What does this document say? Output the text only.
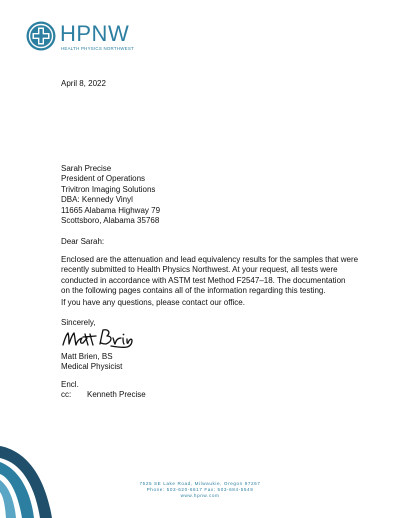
HPNW
HEALTH PHYSICS NORTHWEST

April 8, 2022

Sarah Precise

President of Operations

Trivitron Imaging Solutions

DBA: Kennedy Vinyl

11665 Alabama Highway 79

Scottsboro, Alabama 35768

Dear Sarah:

Enclosed are the attenuation and lead equivalency results for the samples that were

recently submitted to Health Physics Northwest. At your request, all tests were

conducted in accordance with ASTM test Method F2547–18. The documentation

on the following pages contains all of the information regarding this testing.

If you have any questions, please contact our office.

Sincerely,

Matt Brien, BS

Medical Physicist

Encl.

cc: Kenneth Precise

7525 SE Lake Road, Milwaukie, Oregon 97267
Phone: 503-620-6617 Fax: 503-684-5549
www.hpnw.com
